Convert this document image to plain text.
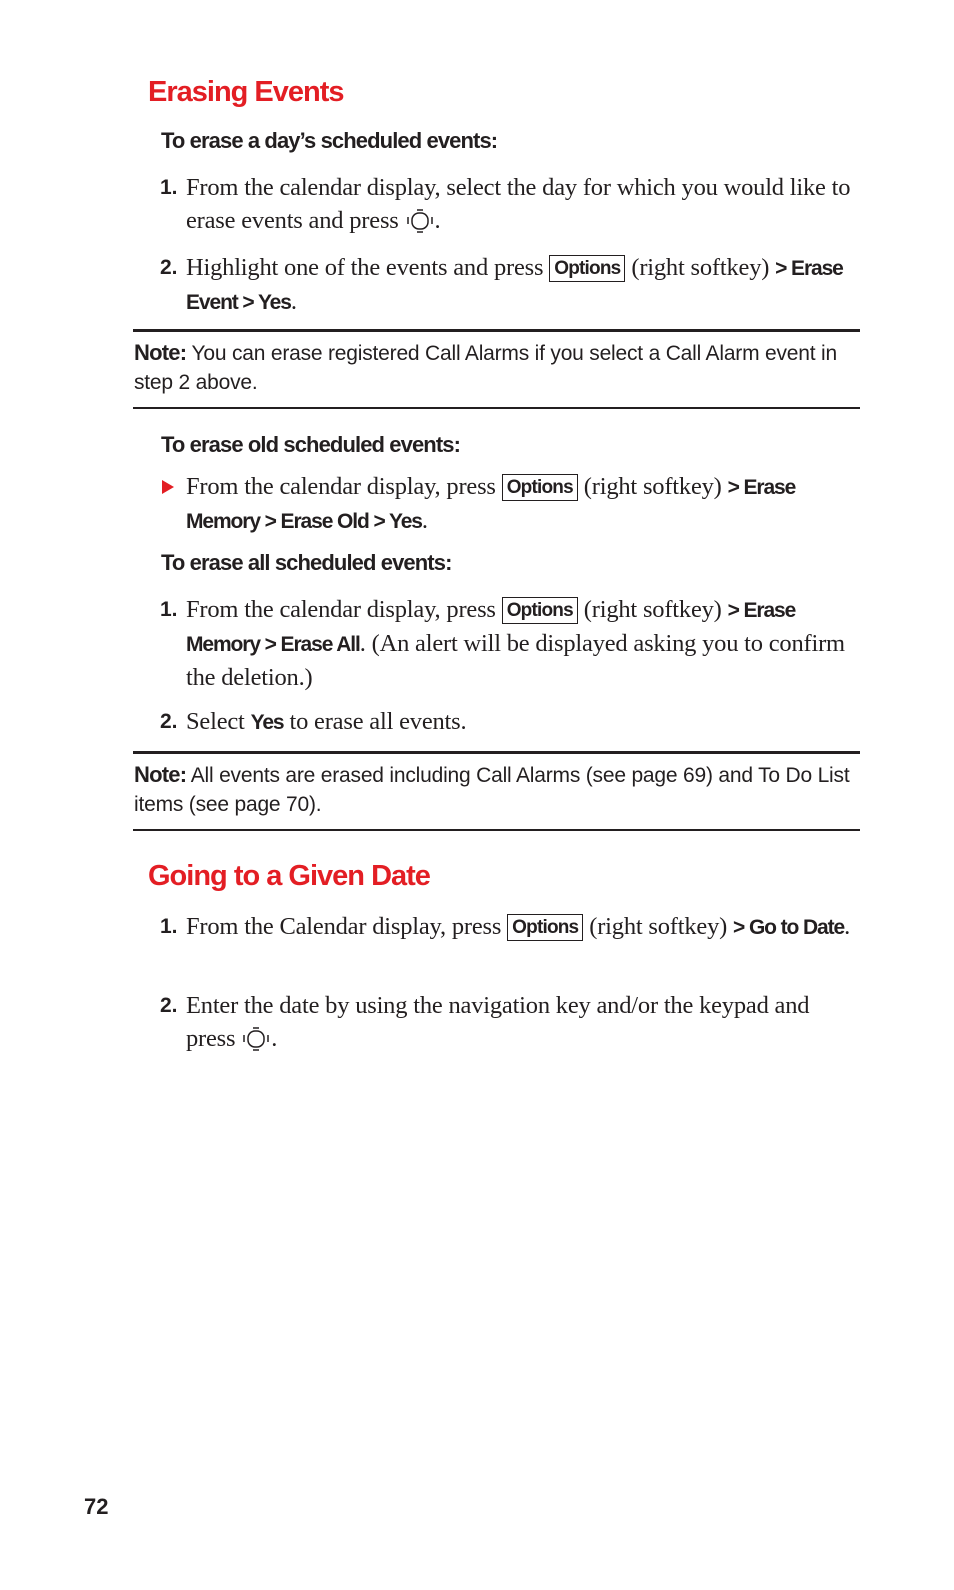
Erasing Events
To erase a day’s scheduled events:
1. From the calendar display, select the day for which you would like to erase events and press .
2. Highlight one of the events and press Options (right softkey) > Erase Event > Yes.

Note: You can erase registered Call Alarms if you select a Call Alarm event in step 2 above.

To erase old scheduled events:
From the calendar display, press Options (right softkey) > Erase Memory > Erase Old > Yes.
To erase all scheduled events:
1. From the calendar display, press Options (right softkey) > Erase Memory > Erase All. (An alert will be displayed asking you to confirm the deletion.)
2. Select Yes to erase all events.

Note: All events are erased including Call Alarms (see page 69) and To Do List items (see page 70).

Going to a Given Date
1. From the Calendar display, press Options (right softkey) > Go to Date.
2. Enter the date by using the navigation key and/or the keypad and press .
72
